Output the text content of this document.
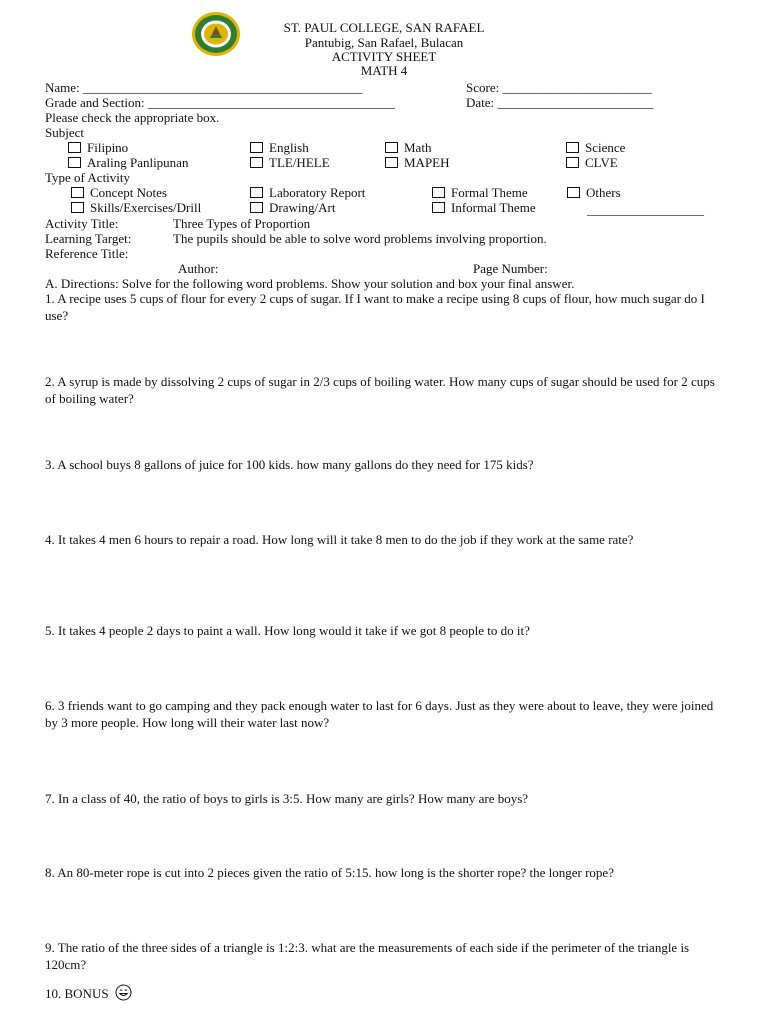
ST. PAUL COLLEGE, SAN RAFAEL
Pantubig, San Rafael, Bulacan
ACTIVITY SHEET
MATH 4
Name: ___________________________________________	Score: _______________________
Grade and Section: ______________________________________	Date: ________________________
Please check the appropriate box.
Subject
Filipino	English	Math	Science
Araling Panlipunan	TLE/HELE	MAPEH	CLVE
Type of Activity
Concept Notes	Laboratory Report	Formal Theme	Others
Skills/Exercises/Drill	Drawing/Art	Informal Theme	__________________
Activity Title:	Three Types of Proportion
Learning Target:	The pupils should be able to solve word problems involving proportion.
Reference Title:
Author:	Page Number:
A. Directions: Solve for the following word problems. Show your solution and box your final answer.
1. A recipe uses 5 cups of flour for every 2 cups of sugar. If I want to make a recipe using 8 cups of flour, how much sugar do I use?
2. A syrup is made by dissolving 2 cups of sugar in 2/3 cups of boiling water. How many cups of sugar should be used for 2 cups of boiling water?
3. A school buys 8 gallons of juice for 100 kids. how many gallons do they need for 175 kids?
4. It takes 4 men 6 hours to repair a road. How long will it take 8 men to do the job if they work at the same rate?
5. It takes 4 people 2 days to paint a wall. How long would it take if we got 8 people to do it?
6. 3 friends want to go camping and they pack enough water to last for 6 days. Just as they were about to leave, they were joined by 3 more people. How long will their water last now?
7. In a class of 40, the ratio of boys to girls is 3:5. How many are girls? How many are boys?
8. An 80-meter rope is cut into 2 pieces given the ratio of 5:15. how long is the shorter rope? the longer rope?
9. The ratio of the three sides of a triangle is 1:2:3. what are the measurements of each side if the perimeter of the triangle is 120cm?
10. BONUS
